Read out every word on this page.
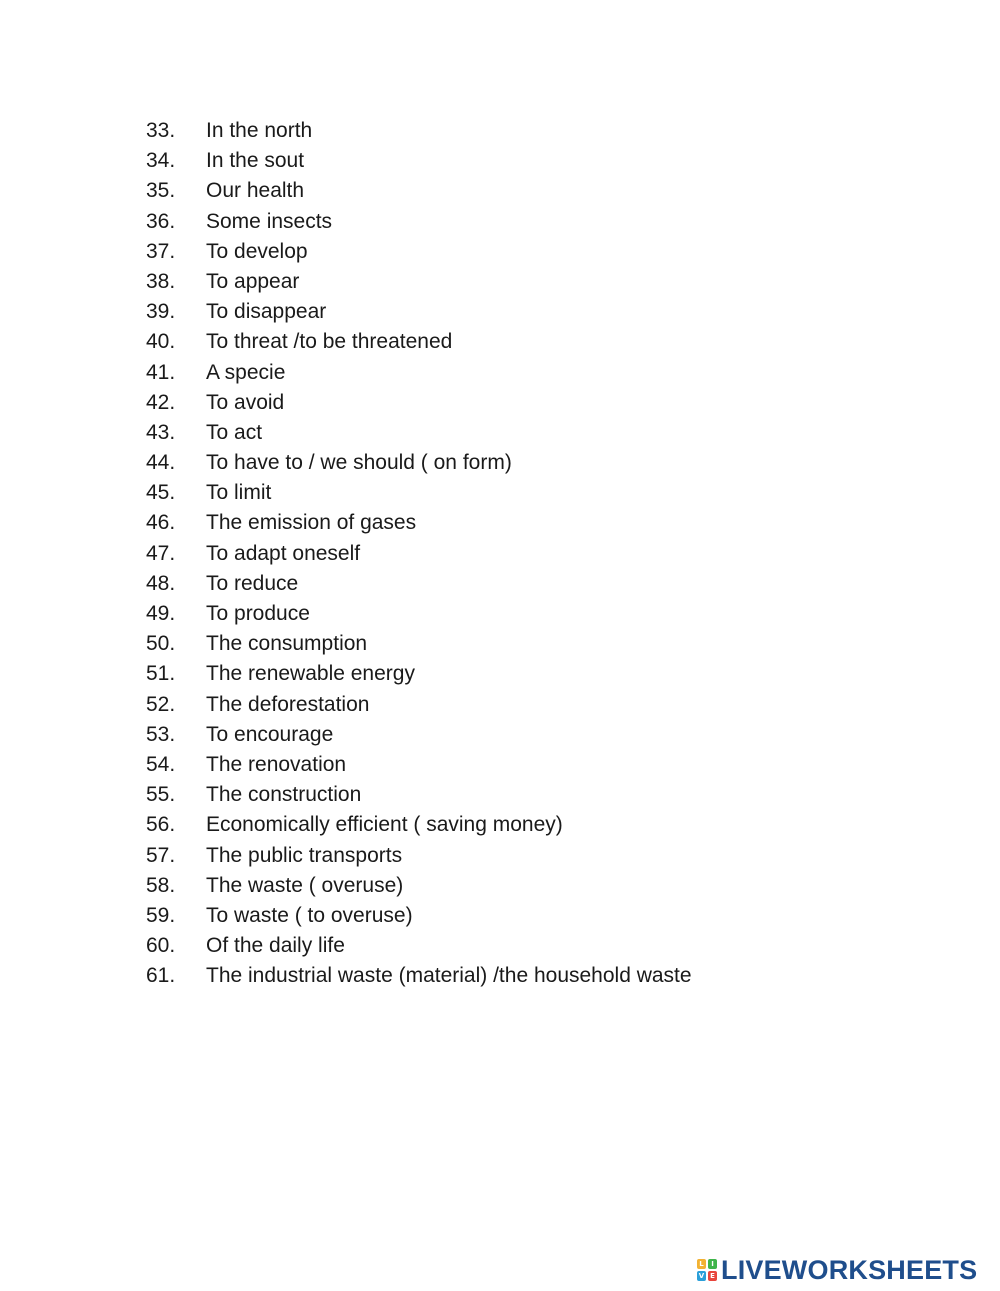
33.	In the north
34.	In the sout
35.	Our health
36.	Some insects
37.	To develop
38.	To appear
39.	To disappear
40.	To threat /to be threatened
41.	A specie
42.	To avoid
43.	To act
44.	To have to / we should ( on form)
45.	To limit
46.	The emission of gases
47.	To adapt oneself
48.	To reduce
49.	To produce
50.	The consumption
51.	The renewable energy
52.	The deforestation
53.	To encourage
54.	The renovation
55.	The construction
56.	Economically efficient ( saving money)
57.	The public transports
58.	The waste ( overuse)
59.	To waste ( to overuse)
60.	Of the daily life
61.	The industrial waste (material) /the household waste
L	I
V E LIVEWORKSHEETS
